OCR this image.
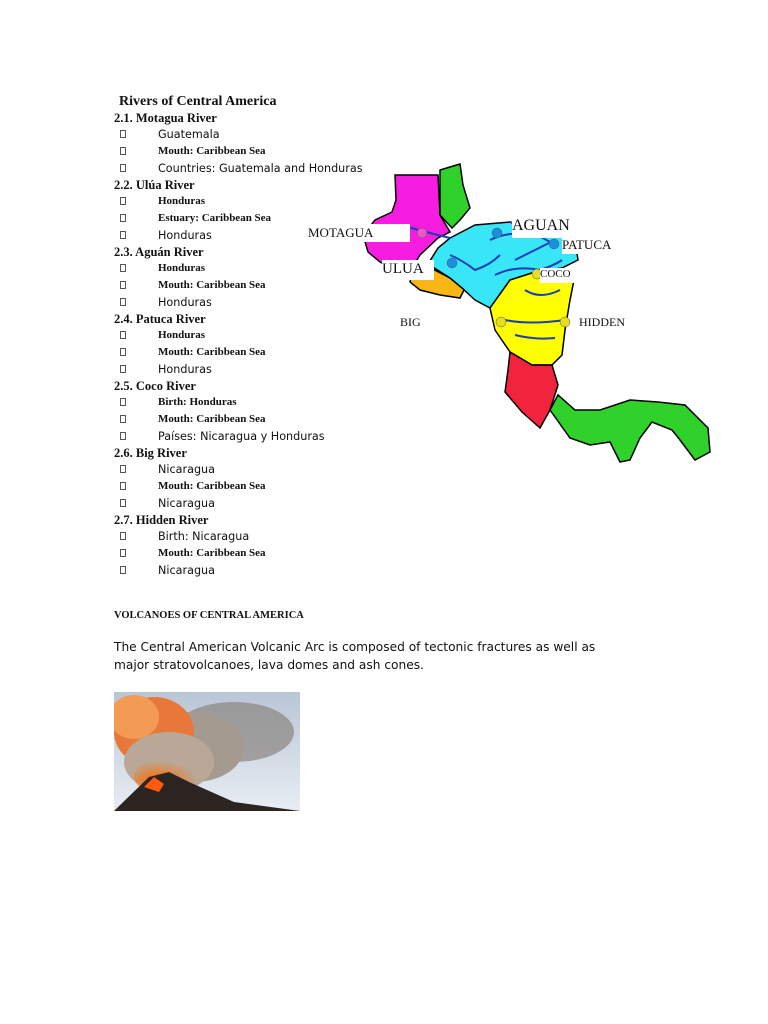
Rivers of Central America
2.1. Motagua River
Guatemala
Mouth: Caribbean Sea
Countries: Guatemala and Honduras
2.2. Ulúa River
Honduras
Estuary: Caribbean Sea
Honduras
2.3. Aguán River
Honduras
Mouth: Caribbean Sea
Honduras
2.4. Patuca River
Honduras
Mouth: Caribbean Sea
Honduras
2.5. Coco River
Birth: Honduras
Mouth: Caribbean Sea
Países: Nicaragua y Honduras
2.6. Big River
Nicaragua
Mouth: Caribbean Sea
Nicaragua
2.7. Hidden River
Birth: Nicaragua
Mouth: Caribbean Sea
Nicaragua
MOTAGUA	AGUAN
PATUCA
ULUA	COCO
BIG	HIDDEN
VOLCANOES OF CENTRAL AMERICA
The Central American Volcanic Arc is composed of tectonic fractures as well as major stratovolcanoes, lava domes and ash cones.
